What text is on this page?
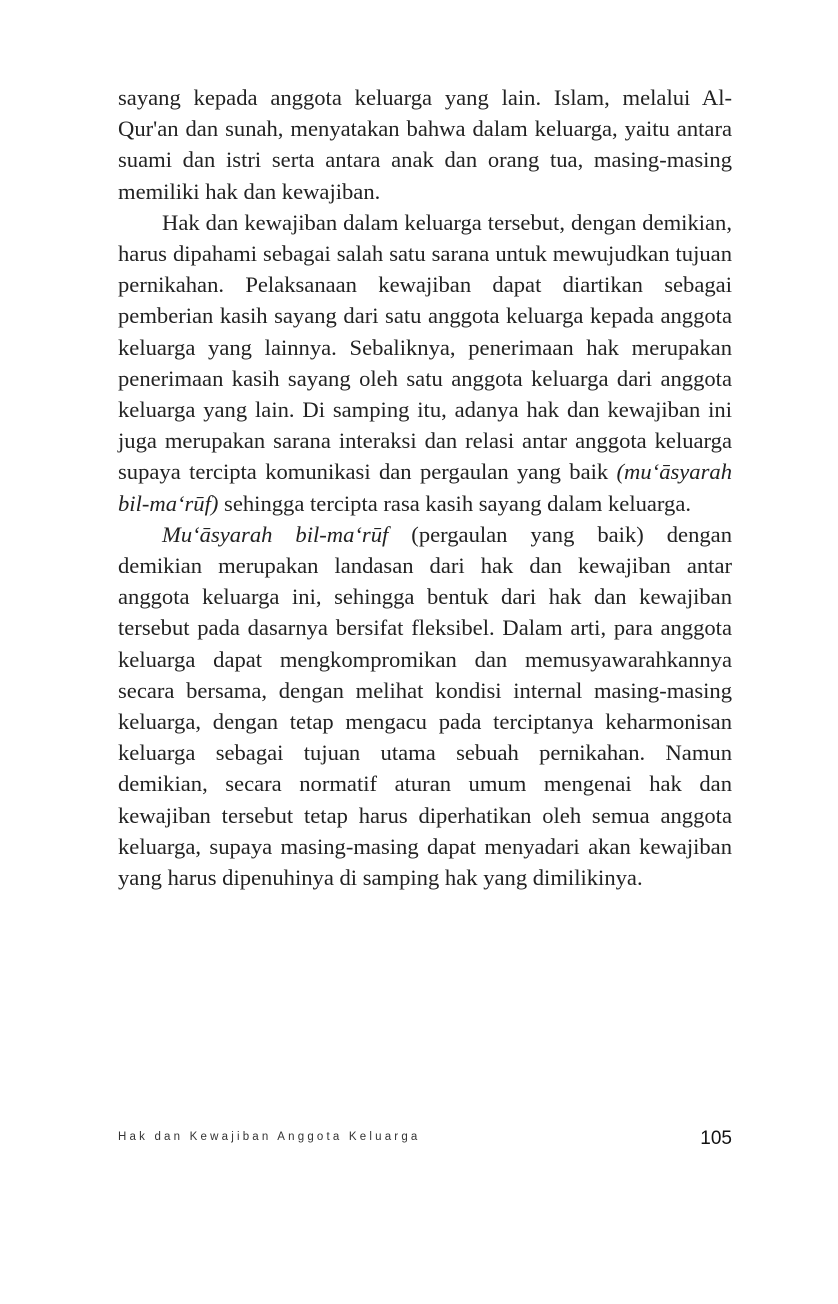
sayang kepada anggota keluarga yang lain. Islam, melalui Al-Qur'an dan sunah, menyatakan bahwa dalam keluarga, yaitu antara suami dan istri serta antara anak dan orang tua, masing-masing memiliki hak dan kewajiban.

Hak dan kewajiban dalam keluarga tersebut, dengan demikian, harus dipahami sebagai salah satu sarana untuk mewujudkan tujuan pernikahan. Pelaksanaan kewajiban dapat diartikan sebagai pemberian kasih sayang dari satu anggota keluarga kepada anggota keluarga yang lainnya. Sebaliknya, penerimaan hak merupakan penerimaan kasih sayang oleh satu anggota keluarga dari anggota keluarga yang lain. Di samping itu, adanya hak dan kewajiban ini juga merupakan sarana interaksi dan relasi antar anggota keluarga supaya tercipta komunikasi dan pergaulan yang baik (mu‘āsyarah bil-ma‘rūf) sehingga tercipta rasa kasih sayang dalam keluarga.

Mu‘āsyarah bil-ma‘rūf (pergaulan yang baik) dengan demikian merupakan landasan dari hak dan kewajiban antar anggota keluarga ini, sehingga bentuk dari hak dan kewajiban tersebut pada dasarnya bersifat fleksibel. Dalam arti, para anggota keluarga dapat mengkompromikan dan memusyawarahkannya secara bersama, dengan melihat kondisi internal masing-masing keluarga, dengan tetap mengacu pada terciptanya keharmonisan keluarga sebagai tujuan utama sebuah pernikahan. Namun demikian, secara normatif aturan umum mengenai hak dan kewajiban tersebut tetap harus diperhatikan oleh semua anggota keluarga, supaya masing-masing dapat menyadari akan kewajiban yang harus dipenuhinya di samping hak yang dimilikinya.

Hak dan Kewajiban Anggota Keluarga	105
